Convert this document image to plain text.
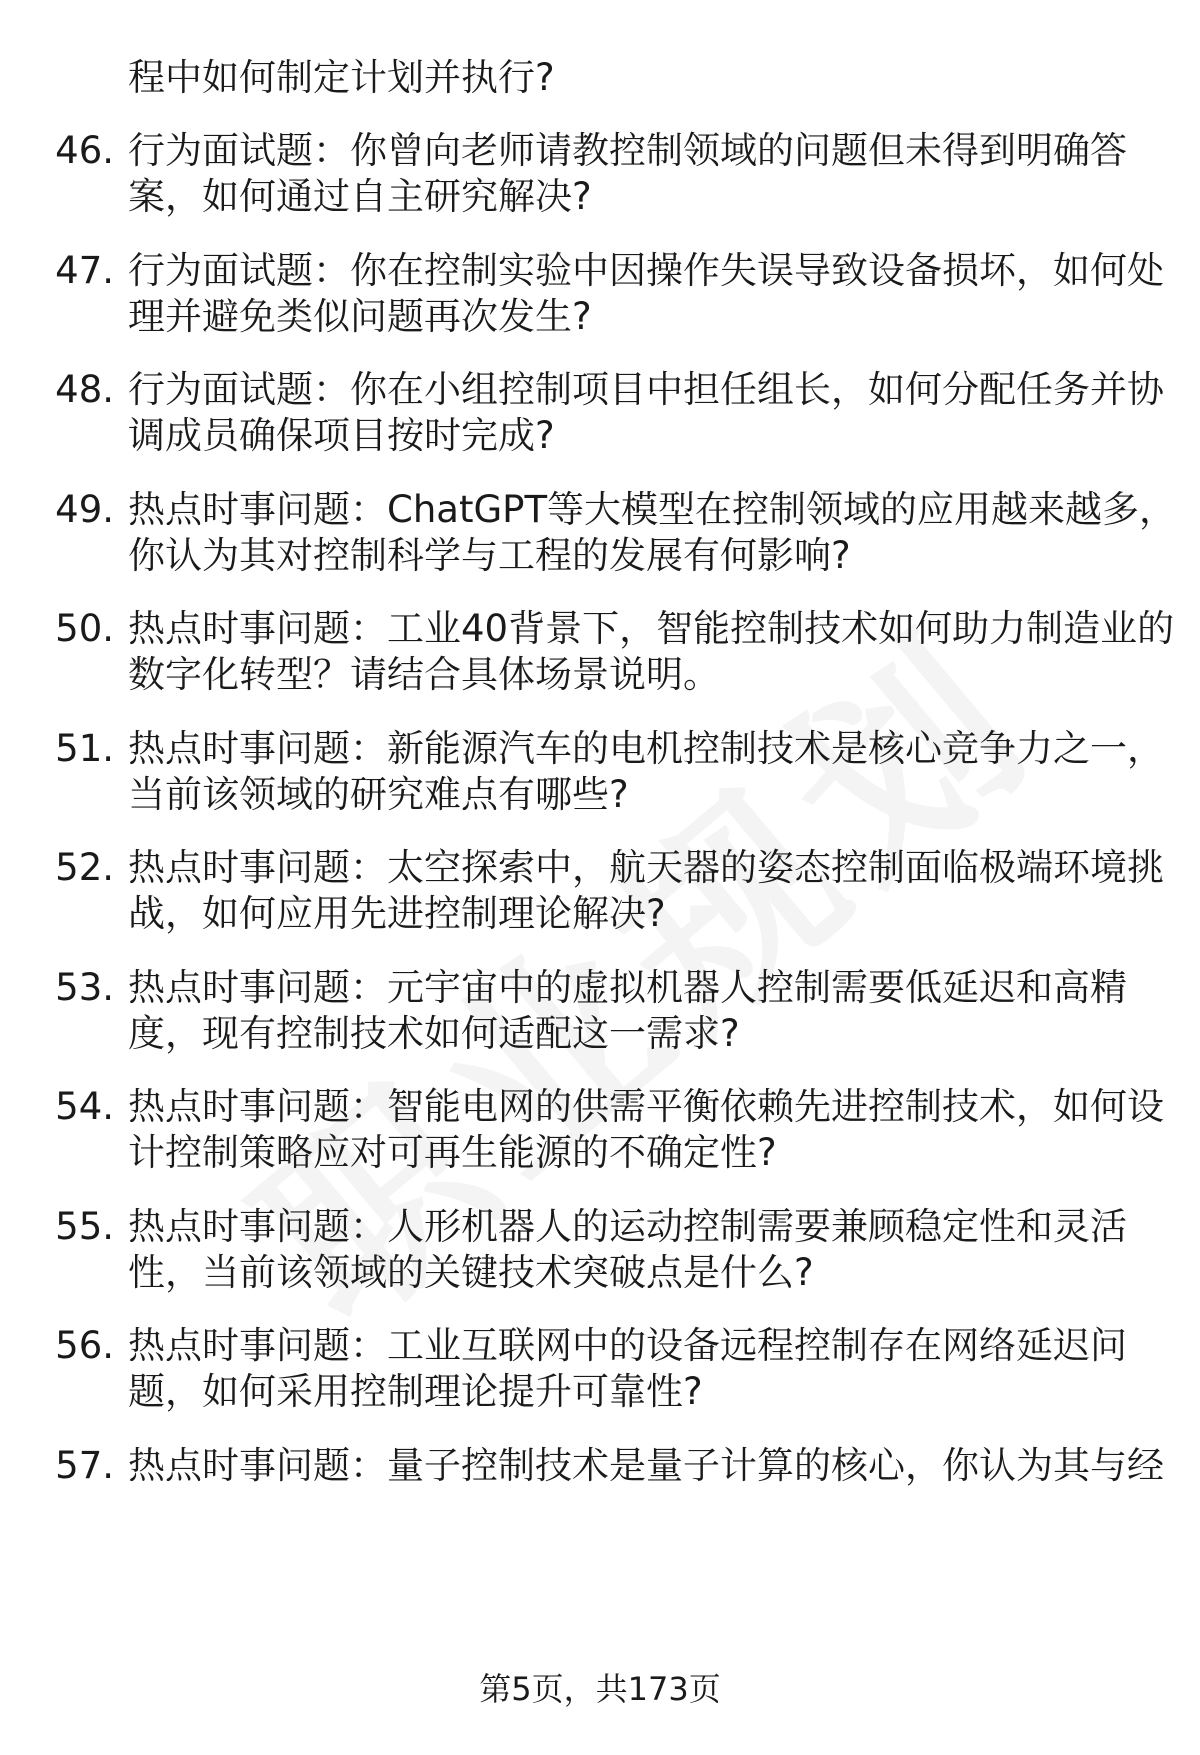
程中如何制定计划并执行?
46. 行为面试题：你曾向老师请教控制领域的问题但未得到明确答
案，如何通过自主研究解决?
47. 行为面试题：你在控制实验中因操作失误导致设备损坏，如何处
理并避免类似问题再次发生?
48. 行为面试题：你在小组控制项目中担任组长，如何分配任务并协
调成员确保项目按时完成?
49. 热点时事问题：ChatGPT等大模型在控制领域的应用越来越多，
你认为其对控制科学与工程的发展有何影响?
50. 热点时事问题：工业40背景下，智能控制技术如何助力制造业的
数字化转型？请结合具体场景说明。
51. 热点时事问题：新能源汽车的电机控制技术是核心竞争力之一，
当前该领域的研究难点有哪些?
52. 热点时事问题：太空探索中，航天器的姿态控制面临极端环境挑
战，如何应用先进控制理论解决?
53. 热点时事问题：元宇宙中的虚拟机器人控制需要低延迟和高精
度，现有控制技术如何适配这一需求?
54. 热点时事问题：智能电网的供需平衡依赖先进控制技术，如何设
计控制策略应对可再生能源的不确定性?
55. 热点时事问题：人形机器人的运动控制需要兼顾稳定性和灵活
性，当前该领域的关键技术突破点是什么?
56. 热点时事问题：工业互联网中的设备远程控制存在网络延迟问
题，如何采用控制理论提升可靠性?
57. 热点时事问题：量子控制技术是量子计算的核心，你认为其与经
第5页，共173页
